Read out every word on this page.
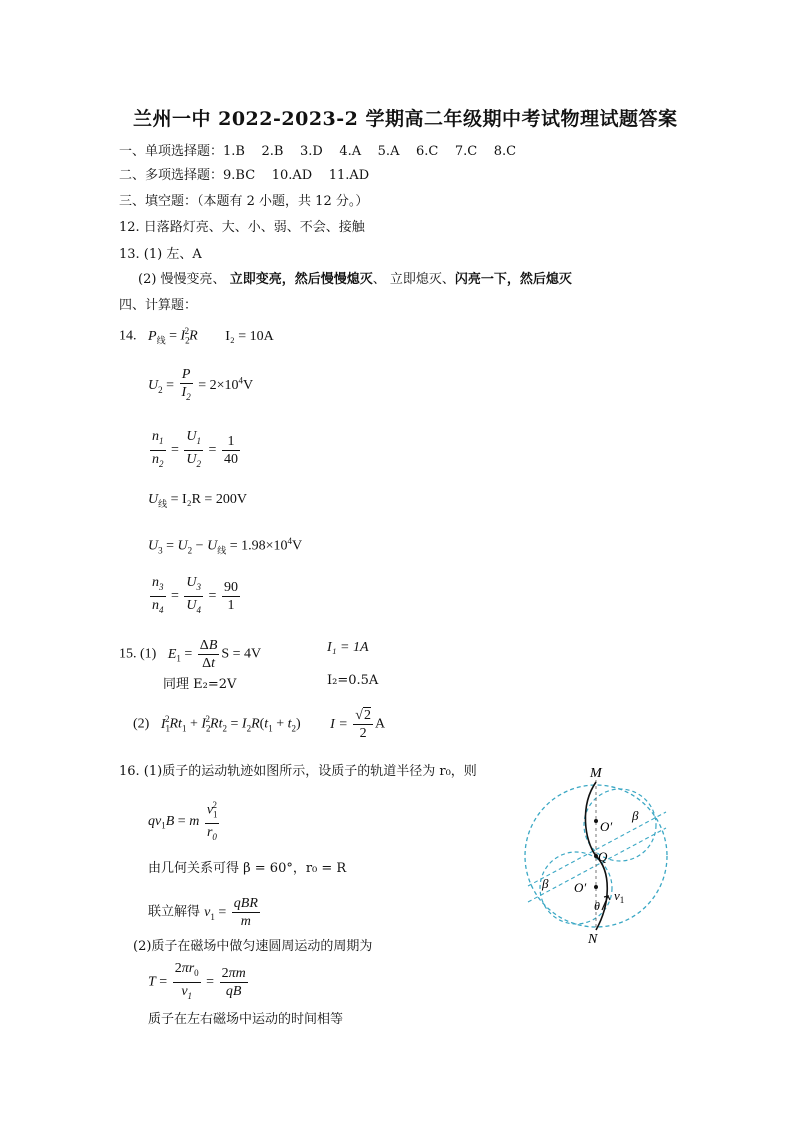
兰州一中 2022-2023-2 学期高二年级期中考试物理试题答案
一、单项选择题：1.B    2.B    3.D    4.A    5.A    6.C    7.C    8.C
二、多项选择题：9.BC    10.AD    11.AD
三、填空题：（本题有 2 小题，共 12 分。）
12. 日落路灯亮、大、小、弱、不会、接触
13. (1) 左、A
(2) 慢慢变亮、 立即变亮，然后慢慢熄灭、 立即熄灭、闪亮一下，然后熄灭
四、计算题：
14. $P_线 = I_2^2R$ I₂ = 10A
$U_2 = \frac{P}{I_2} = 2\times 10^4V$
$\frac{n_1}{n_2} = \frac{U_1}{U_2} = \frac{1}{40}$
$U_线 = I_2R = 200V$
$U_3 = U_2 - U_线 = 1.98\times 10^4V$
$\frac{n_3}{n_4} = \frac{U_3}{U_4} = \frac{90}{1}$
15. (1) $E_1 = \frac{\Delta B}{\Delta t}$ S = 4V	I₁ = 1A
同理 E₂=2V	I₂=0.5A
(2) $I_1^2Rt_1 + I_2^2Rt_2 = I_2R(t_1 + t_2) I = \frac{√2}{2}$ A
16. (1)质子的运动轨迹如图所示，设质子的轨道半径为 r₀，则
$qv_1B = m \frac{v_1^2}{r_0}$
由几何关系可得 β = 60°，r₀ = R
联立解得 $v_1 = \frac{\text{qBR}}{m}$
(2)质子在磁场中做匀速圆周运动的周期为
$T = \frac{2\pi r_0}{v_1} = \frac{2\pi m}{qB}$
质子在左右磁场中运动的时间相等
M
N
Q
O′
O′
β
β
$v_1$
θ
